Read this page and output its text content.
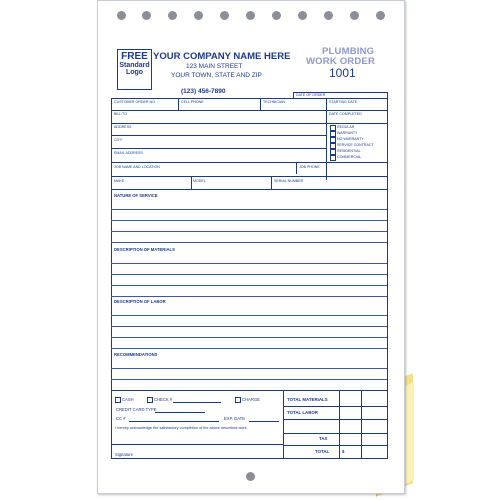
FREE
Standard
Logo
YOUR COMPANY NAME HERE
123 MAIN STREET
YOUR TOWN, STATE AND ZIP
(123) 456-7890
PLUMBING
WORK ORDER
1001
DATE OF ORDER
CUSTOMER ORDER NO.	CELL PHONE	TECHNICIAN	STARTING DATE
BILL TO	DATE COMPLETED
REGULAR
WARRANTY
NO WARRANTY
SERVICE CONTRACT
RESIDENTIAL
COMMERCIAL
ADDRESS
CITY
EMAIL ADDRESS
JOB NAME AND LOCATION	JOB PHONE
MAKE	MODEL	SERIAL NUMBER
NATURE OF SERVICE
DESCRIPTION OF MATERIALS
DESCRIPTION OF LABOR
RECOMMENDATIONS
CASH	CHECK #	CHARGE
CREDIT CARD TYPE
CC #	EXP. DATE
I hereby acknowledge the satisfactory completion of the above described work.
Signature
TOTAL MATERIALS
TOTAL LABOR
TAX
TOTAL	$
